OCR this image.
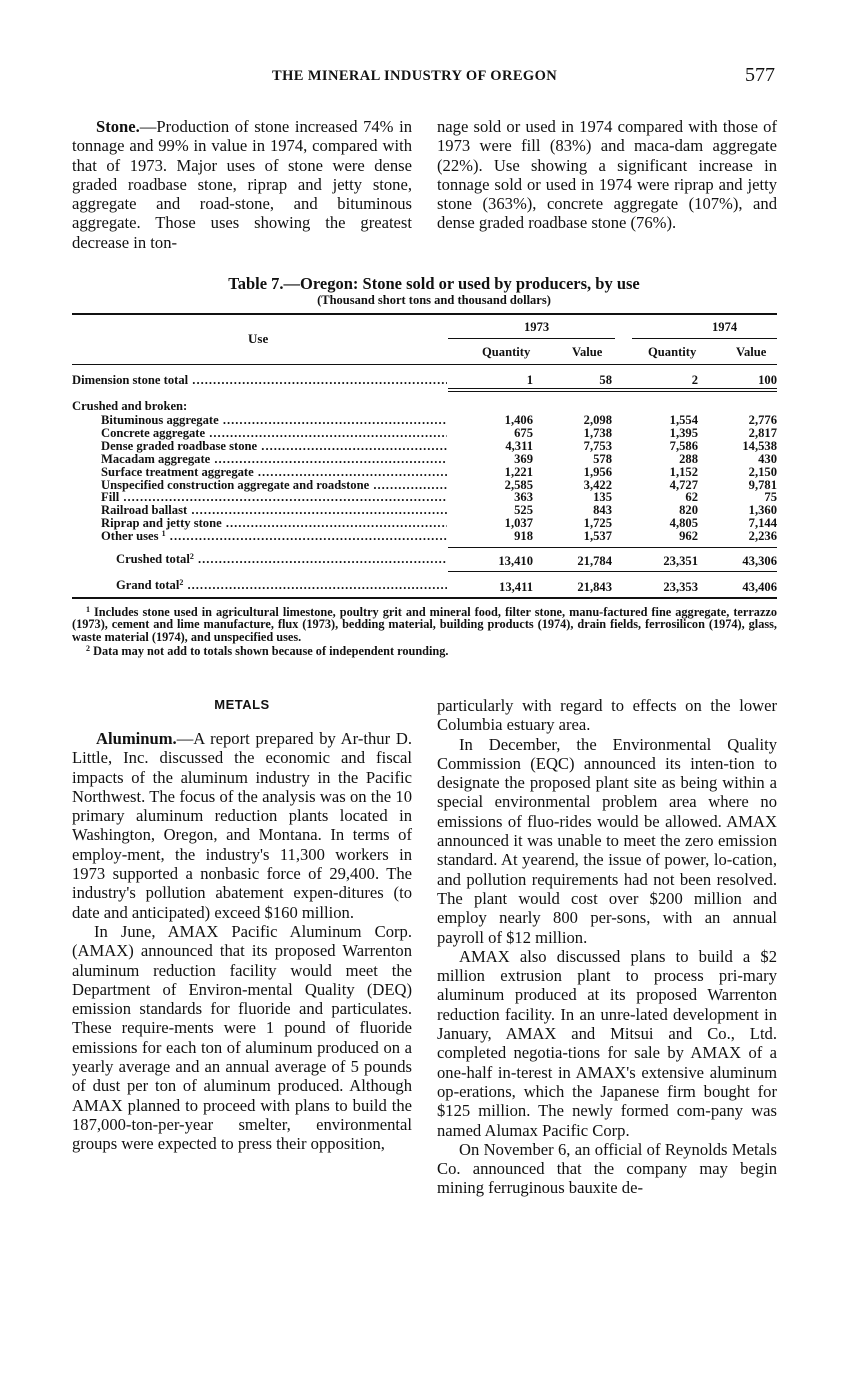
THE MINERAL INDUSTRY OF OREGON	577

Stone.—Production of stone increased 74% in tonnage and 99% in value in 1974, compared with that of 1973. Major uses of stone were dense graded roadbase stone, riprap and jetty stone, aggregate and road-stone, and bituminous aggregate. Those uses showing the greatest decrease in ton-

nage sold or used in 1974 compared with those of 1973 were fill (83%) and maca-dam aggregate (22%). Use showing a significant increase in tonnage sold or used in 1974 were riprap and jetty stone (363%), concrete aggregate (107%), and dense graded roadbase stone (76%).

Table 7.—Oregon: Stone sold or used by producers, by use
(Thousand short tons and thousand dollars)
Use
1973	1974
Quantity	Value	Quantity	Value
Dimension stone total .....	1	58	2	100
Crushed and broken:
Bituminous aggregate .....	1,406	2,098	1,554	2,776
Concrete aggregate .....	675	1,738	1,395	2,817
Dense graded roadbase stone .....	4,311	7,753	7,586	14,538
Macadam aggregate .....	369	578	288	430
Surface treatment aggregate .....	1,221	1,956	1,152	2,150
Unspecified construction aggregate and roadstone .....	2,585	3,422	4,727	9,781
Fill .....	363	135	62	75
Railroad ballast .....	525	843	820	1,360
Riprap and jetty stone .....	1,037	1,725	4,805	7,144
Other uses $^1$ .....	918	1,537	962	2,236
Crushed total$^2$ .....	13,410	21,784	23,351	43,306
Grand total$^2$ .....	13,411	21,843	23,353	43,406

$^1$ Includes stone used in agricultural limestone, poultry grit and mineral food, filter stone, manu-factured fine aggregate, terrazzo (1973), cement and lime manufacture, flux (1973), bedding material, building products (1974), drain fields, ferrosilicon (1974), glass, waste material (1974), and unspecified uses.

$^2$ Data may not add to totals shown because of independent rounding.

METALS

Aluminum.—A report prepared by Ar-thur D. Little, Inc. discussed the economic and fiscal impacts of the aluminum industry in the Pacific Northwest. The focus of the analysis was on the 10 primary aluminum reduction plants located in Washington, Oregon, and Montana. In terms of employ-ment, the industry's 11,300 workers in 1973 supported a nonbasic force of 29,400. The industry's pollution abatement expen-ditures (to date and anticipated) exceed $160 million.

In June, AMAX Pacific Aluminum Corp. (AMAX) announced that its proposed Warrenton aluminum reduction facility would meet the Department of Environ-mental Quality (DEQ) emission standards for fluoride and particulates. These require-ments were 1 pound of fluoride emissions for each ton of aluminum produced on a yearly average and an annual average of 5 pounds of dust per ton of aluminum produced. Although AMAX planned to proceed with plans to build the 187,000-ton-per-year smelter, environmental groups were expected to press their opposition,

particularly with regard to effects on the lower Columbia estuary area.

In December, the Environmental Quality Commission (EQC) announced its inten-tion to designate the proposed plant site as being within a special environmental problem area where no emissions of fluo-rides would be allowed. AMAX announced it was unable to meet the zero emission standard. At yearend, the issue of power, lo-cation, and pollution requirements had not been resolved. The plant would cost over $200 million and employ nearly 800 per-sons, with an annual payroll of $12 million.

AMAX also discussed plans to build a $2 million extrusion plant to process pri-mary aluminum produced at its proposed Warrenton reduction facility. In an unre-lated development in January, AMAX and Mitsui and Co., Ltd. completed negotia-tions for sale by AMAX of a one-half in-terest in AMAX's extensive aluminum op-erations, which the Japanese firm bought for $125 million. The newly formed com-pany was named Alumax Pacific Corp.

On November 6, an official of Reynolds Metals Co. announced that the company may begin mining ferruginous bauxite de-
